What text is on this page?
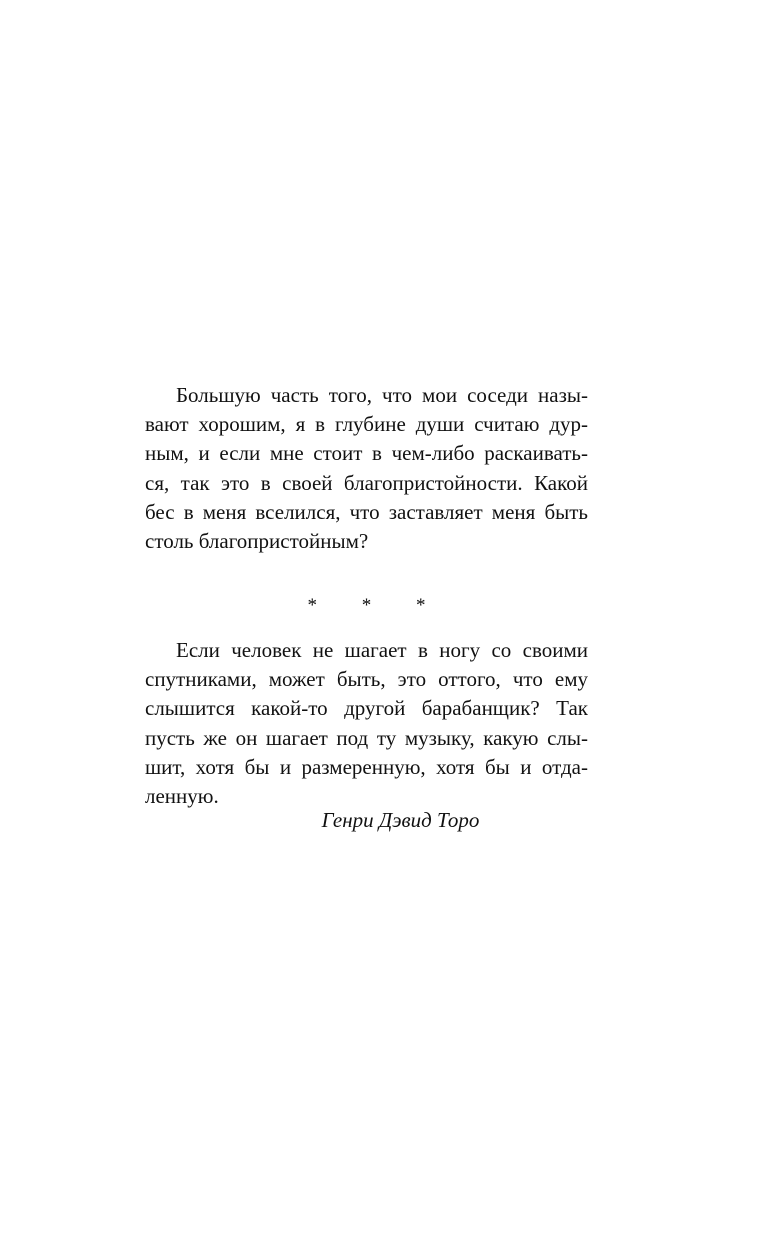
Большую часть того, что мои соседи назы-
вают хорошим, я в глубине души считаю дур-
ным, и если мне стоит в чем-либо раскаивать-
ся, так это в своей благопристойности. Какой
бес в меня вселился, что заставляет меня быть
столь благопристойным?
* * *
Если человек не шагает в ногу со своими
спутниками, может быть, это оттого, что ему
слышится какой-то другой барабанщик? Так
пусть же он шагает под ту музыку, какую слы-
шит, хотя бы и размеренную, хотя бы и отда-
ленную.
Генри Дэвид Торо
